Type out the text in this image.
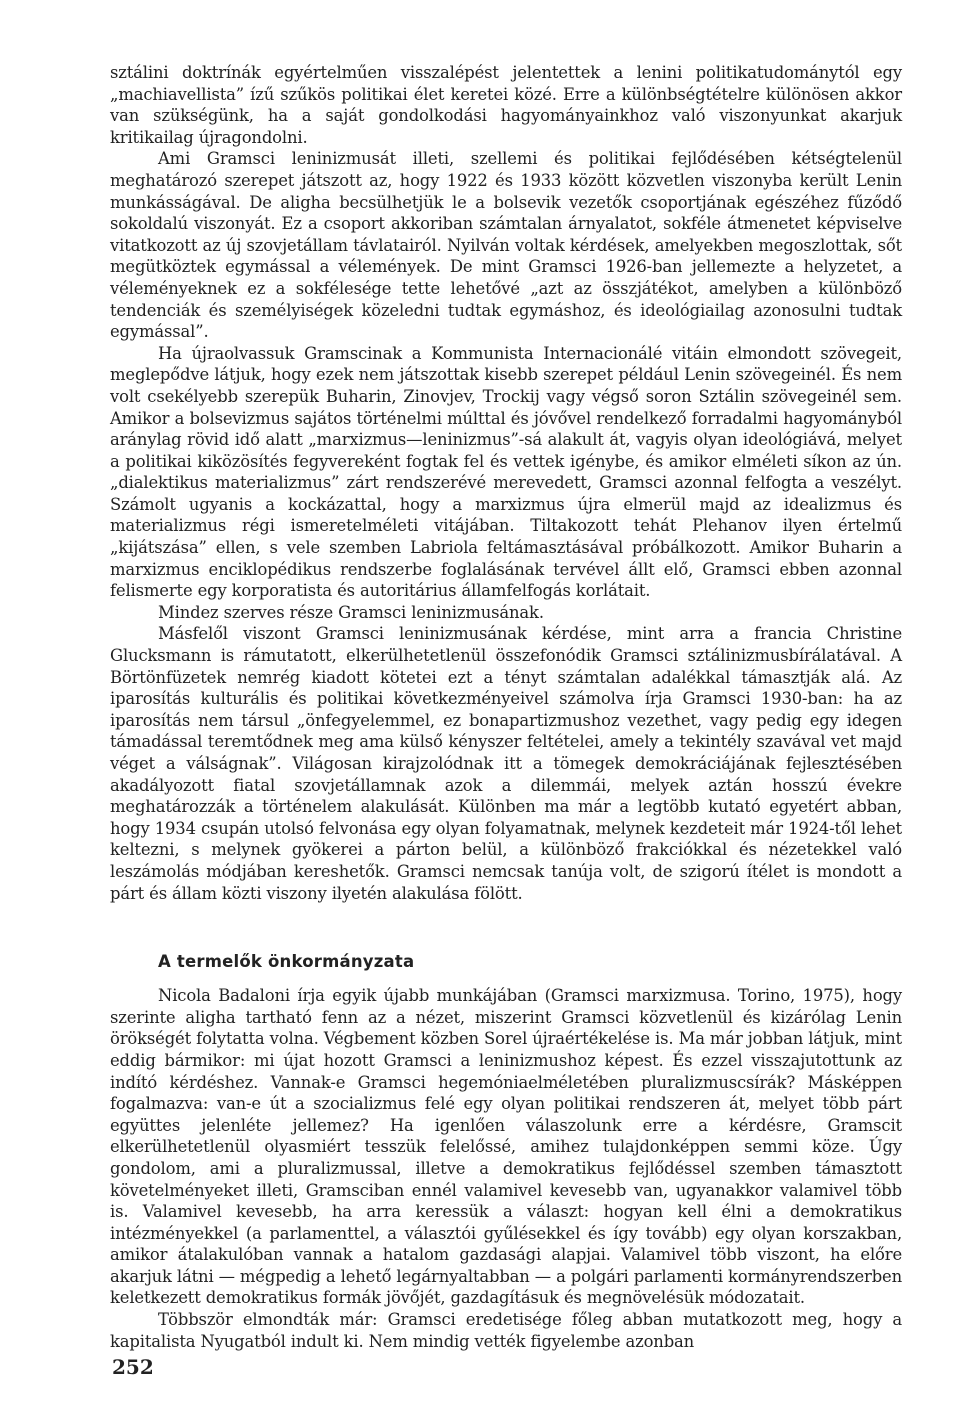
sztálini doktrínák egyértelműen visszalépést jelentettek a lenini politikatudománytól egy „machiavellista” ízű szűkös politikai élet keretei közé. Erre a különbségtételre különösen akkor van szükségünk, ha a saját gondolkodási hagyományainkhoz való viszonyunkat akarjuk kritikailag újragondolni.

Ami Gramsci leninizmusát illeti, szellemi és politikai fejlődésében kétségtelenül meghatározó szerepet játszott az, hogy 1922 és 1933 között közvetlen viszonyba került Lenin munkásságával. De aligha becsülhetjük le a bolsevik vezetők csoportjának egészéhez fűződő sokoldalú viszonyát. Ez a csoport akkoriban számtalan árnyalatot, sokféle átmenetet képviselve vitatkozott az új szovjetállam távlatairól. Nyilván voltak kérdések, amelyekben megoszlottak, sőt megütköztek egymással a vélemények. De mint Gramsci 1926-ban jellemezte a helyzetet, a véleményeknek ez a sokfélesége tette lehetővé „azt az összjátékot, amelyben a különböző tendenciák és személyiségek közeledni tudtak egymáshoz, és ideológiailag azonosulni tudtak egymással”.

Ha újraolvassuk Gramscinak a Kommunista Internacionálé vitáin elmondott szövegeit, meglepődve látjuk, hogy ezek nem játszottak kisebb szerepet például Lenin szövegeinél. És nem volt csekélyebb szerepük Buharin, Zinovjev, Trockij vagy végső soron Sztálin szövegeinél sem. Amikor a bolsevizmus sajátos történelmi múlttal és jóvővel rendelkező forradalmi hagyományból aránylag rövid idő alatt „marxizmus—leninizmus”-sá alakult át, vagyis olyan ideológiává, melyet a politikai kiközösítés fegyvereként fogtak fel és vettek igénybe, és amikor elméleti síkon az ún. „dialektikus materializmus” zárt rendszerévé merevedett, Gramsci azonnal felfogta a veszélyt. Számolt ugyanis a kockázattal, hogy a marxizmus újra elmerül majd az idealizmus és materializmus régi ismeretelméleti vitájában. Tiltakozott tehát Plehanov ilyen értelmű „kijátszása” ellen, s vele szemben Labriola feltámasztásával próbálkozott. Amikor Buharin a marxizmus enciklopédikus rendszerbe foglalásának tervével állt elő, Gramsci ebben azonnal felismerte egy korporatista és autoritárius államfelfogás korlátait.

Mindez szerves része Gramsci leninizmusának.

Másfelől viszont Gramsci leninizmusának kérdése, mint arra a francia Christine Glucksmann is rámutatott, elkerülhetetlenül összefonódik Gramsci sztálinizmusbírálatával. A Börtönfüzetek nemrég kiadott kötetei ezt a tényt számtalan adalékkal támasztják alá. Az iparosítás kulturális és politikai következményeivel számolva írja Gramsci 1930-ban: ha az iparosítás nem társul „önfegyelemmel, ez bonapartizmushoz vezethet, vagy pedig egy idegen támadással teremtődnek meg ama külső kényszer feltételei, amely a tekintély szavával vet majd véget a válságnak”. Világosan kirajzolódnak itt a tömegek demokráciájának fejlesztésében akadályozott fiatal szovjetállamnak azok a dilemmái, melyek aztán hosszú évekre meghatározzák a történelem alakulását. Különben ma már a legtöbb kutató egyetért abban, hogy 1934 csupán utolsó felvonása egy olyan folyamatnak, melynek kezdeteit már 1924-től lehet keltezni, s melynek gyökerei a párton belül, a különböző frakciókkal és nézetekkel való leszámolás módjában kereshetők. Gramsci nemcsak tanúja volt, de szigorú ítélet is mondott a párt és állam közti viszony ilyetén alakulása fölött.

A termelők önkormányzata

Nicola Badaloni írja egyik újabb munkájában (Gramsci marxizmusa. Torino, 1975), hogy szerinte aligha tartható fenn az a nézet, miszerint Gramsci közvetlenül és kizárólag Lenin örökségét folytatta volna. Végbement közben Sorel újraértékelése is. Ma már jobban látjuk, mint eddig bármikor: mi újat hozott Gramsci a leninizmushoz képest. És ezzel visszajutottunk az indító kérdéshez. Vannak-e Gramsci hegemóniaelméletében pluralizmuscsírák? Másképpen fogalmazva: van-e út a szocializmus felé egy olyan politikai rendszeren át, melyet több párt együttes jelenléte jellemez? Ha igenlően válaszolunk erre a kérdésre, Gramscit elkerülhetetlenül olyasmiért tesszük felelőssé, amihez tulajdonképpen semmi köze. Úgy gondolom, ami a pluralizmussal, illetve a demokratikus fejlődéssel szemben támasztott követelményeket illeti, Gramsciban ennél valamivel kevesebb van, ugyanakkor valamivel több is. Valamivel kevesebb, ha arra keressük a választ: hogyan kell élni a demokratikus intézményekkel (a parlamenttel, a választói gyűlésekkel és így tovább) egy olyan korszakban, amikor átalakulóban vannak a hatalom gazdasági alapjai. Valamivel több viszont, ha előre akarjuk látni — mégpedig a lehető legárnyaltabban — a polgári parlamenti kormányrendszerben keletkezett demokratikus formák jövőjét, gazdagításuk és megnövelésük módozatait.

Többször elmondták már: Gramsci eredetisége főleg abban mutatkozott meg, hogy a kapitalista Nyugatból indult ki. Nem mindig vették figyelembe azonban

252
